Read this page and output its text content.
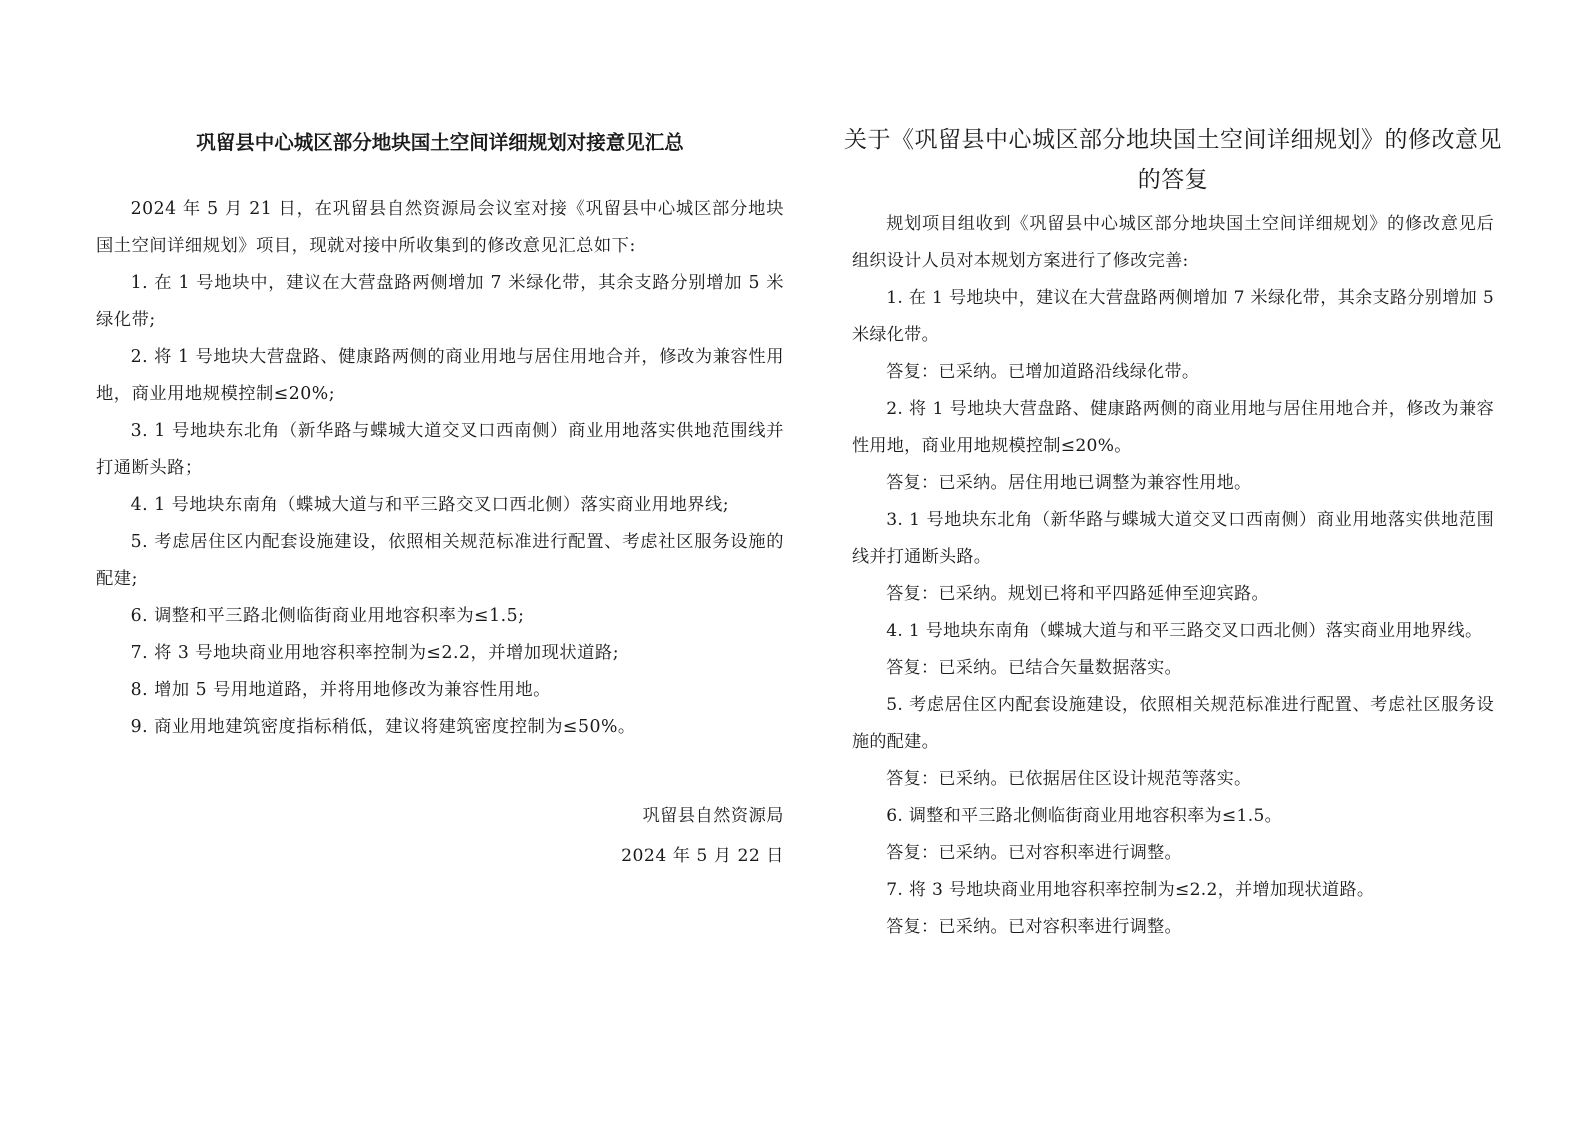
巩留县中心城区部分地块国土空间详细规划对接意见汇总

2024 年 5 月 21 日，在巩留县自然资源局会议室对接《巩留县中心城区部分地块国土空间详细规划》项目，现就对接中所收集到的修改意见汇总如下:

1. 在 1 号地块中，建议在大营盘路两侧增加 7 米绿化带，其余支路分别增加 5 米绿化带;

2. 将 1 号地块大营盘路、健康路两侧的商业用地与居住用地合并，修改为兼容性用地，商业用地规模控制≤20%;

3. 1 号地块东北角（新华路与蝶城大道交叉口西南侧）商业用地落实供地范围线并打通断头路；

4. 1 号地块东南角（蝶城大道与和平三路交叉口西北侧）落实商业用地界线;

5. 考虑居住区内配套设施建设，依照相关规范标准进行配置、考虑社区服务设施的配建;

6. 调整和平三路北侧临街商业用地容积率为≤1.5;

7. 将 3 号地块商业用地容积率控制为≤2.2，并增加现状道路;

8. 增加 5 号用地道路，并将用地修改为兼容性用地。

9. 商业用地建筑密度指标稍低，建议将建筑密度控制为≤50%。

巩留县自然资源局

2024 年 5 月 22 日

关于《巩留县中心城区部分地块国土空间详细规划》的修改意见的答复

规划项目组收到《巩留县中心城区部分地块国土空间详细规划》的修改意见后组织设计人员对本规划方案进行了修改完善:

1. 在 1 号地块中，建议在大营盘路两侧增加 7 米绿化带，其余支路分别增加 5 米绿化带。

答复：已采纳。已增加道路沿线绿化带。

2. 将 1 号地块大营盘路、健康路两侧的商业用地与居住用地合并，修改为兼容性用地，商业用地规模控制≤20%。

答复：已采纳。居住用地已调整为兼容性用地。

3. 1 号地块东北角（新华路与蝶城大道交叉口西南侧）商业用地落实供地范围线并打通断头路。

答复：已采纳。规划已将和平四路延伸至迎宾路。

4. 1 号地块东南角（蝶城大道与和平三路交叉口西北侧）落实商业用地界线。

答复：已采纳。已结合矢量数据落实。

5. 考虑居住区内配套设施建设，依照相关规范标准进行配置、考虑社区服务设施的配建。

答复：已采纳。已依据居住区设计规范等落实。

6. 调整和平三路北侧临街商业用地容积率为≤1.5。

答复：已采纳。已对容积率进行调整。

7. 将 3 号地块商业用地容积率控制为≤2.2，并增加现状道路。

答复：已采纳。已对容积率进行调整。
